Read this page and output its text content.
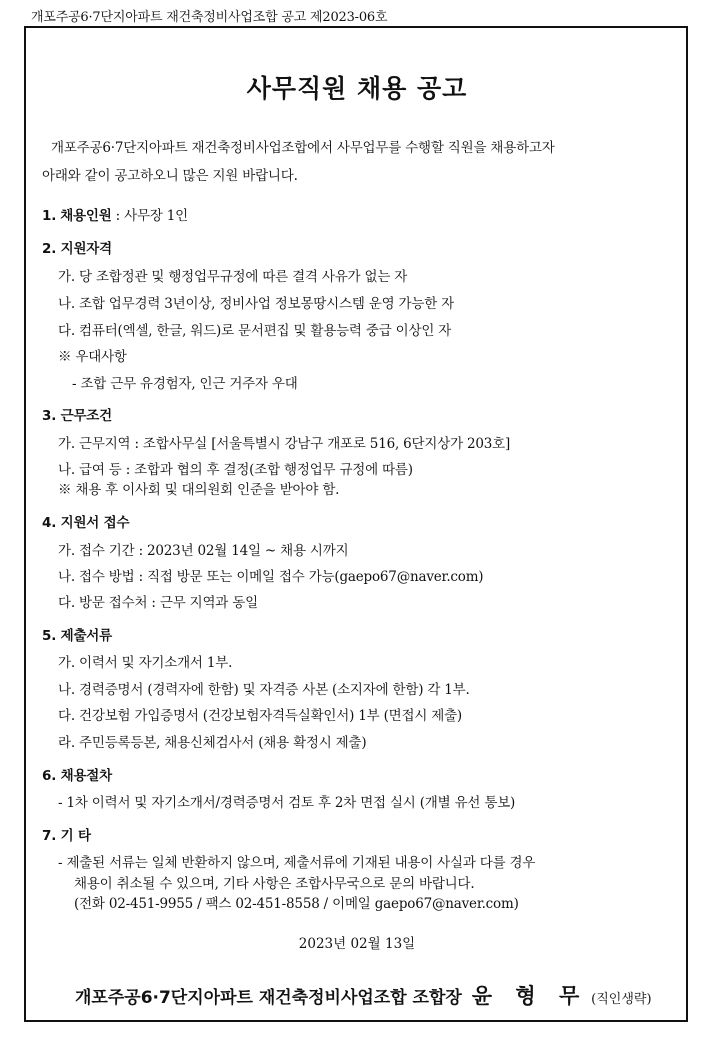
개포주공6·7단지아파트 재건축정비사업조합 공고 제2023-06호
사무직원 채용 공고
개포주공6·7단지아파트 재건축정비사업조합에서 사무업무를 수행할 직원을 채용하고자
아래와 같이 공고하오니 많은 지원 바랍니다.
1. 채용인원 : 사무장 1인
2. 지원자격
가. 당 조합정관 및 행정업무규정에 따른 결격 사유가 없는 자
나. 조합 업무경력 3년이상, 정비사업 정보몽땅시스템 운영 가능한 자
다. 컴퓨터(엑셀, 한글, 워드)로 문서편집 및 활용능력 중급 이상인 자
※ 우대사항
- 조합 근무 유경험자, 인근 거주자 우대
3. 근무조건
가. 근무지역 : 조합사무실 [서울특별시 강남구 개포로 516, 6단지상가 203호]
나. 급여 등 : 조합과 협의 후 결정(조합 행정업무 규정에 따름)
※ 채용 후 이사회 및 대의원회 인준을 받아야 함.
4. 지원서 접수
가. 접수 기간 : 2023년 02월 14일 ~ 채용 시까지
나. 접수 방법 : 직접 방문 또는 이메일 접수 가능(gaepo67@naver.com)
다. 방문 접수처 : 근무 지역과 동일
5. 제출서류
가. 이력서 및 자기소개서 1부.
나. 경력증명서 (경력자에 한함) 및 자격증 사본 (소지자에 한함) 각 1부.
다. 건강보험 가입증명서 (건강보험자격득실확인서) 1부 (면접시 제출)
라. 주민등록등본, 채용신체검사서 (채용 확정시 제출)
6. 채용절차
- 1차 이력서 및 자기소개서/경력증명서 검토 후 2차 면접 실시 (개별 유선 통보)
7. 기 타
- 제출된 서류는 일체 반환하지 않으며, 제출서류에 기재된 내용이 사실과 다를 경우
채용이 취소될 수 있으며, 기타 사항은 조합사무국으로 문의 바랍니다.
(전화 02-451-9955 / 팩스 02-451-8558 / 이메일 gaepo67@naver.com)
2023년 02월 13일
개포주공6·7단지아파트 재건축정비사업조합 조합장 윤 형 무 (직인생략)
